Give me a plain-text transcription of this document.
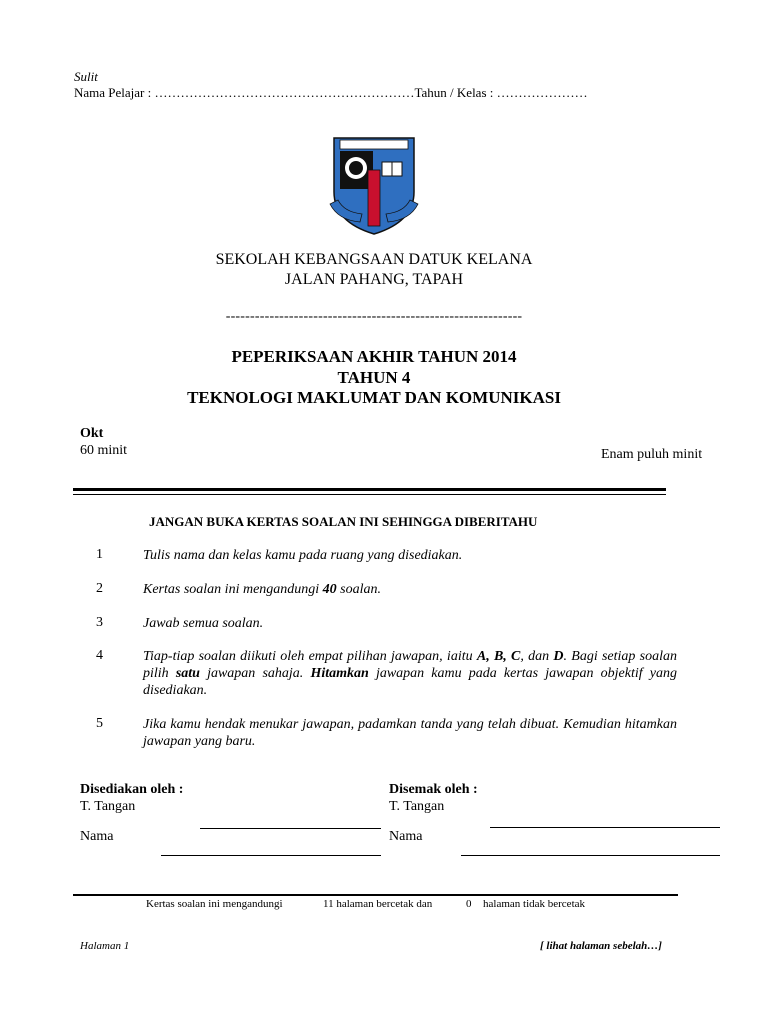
Sulit
Nama Pelajar : ……………………………………………………Tahun / Kelas : …………………
SEKOLAH KEBANGSAAN DATUK KELANA
JALAN PAHANG, TAPAH
-------------------------------------------------------------
PEPERIKSAAN AKHIR TAHUN 2014
TAHUN 4
TEKNOLOGI MAKLUMAT DAN KOMUNIKASI
Okt
60 minit	Enam puluh minit
JANGAN BUKA KERTAS SOALAN INI SEHINGGA DIBERITAHU
1	Tulis nama dan kelas kamu pada ruang yang disediakan.
2	Kertas soalan ini mengandungi 40 soalan.
3	Jawab semua soalan.
4	Tiap-tiap soalan diikuti oleh empat pilihan jawapan, iaitu A, B, C, dan D. Bagi setiap soalan pilih satu jawapan sahaja. Hitamkan jawapan kamu pada kertas jawapan objektif yang disediakan.
5	Jika kamu hendak menukar jawapan, padamkan tanda yang telah dibuat. Kemudian hitamkan jawapan yang baru.
Disediakan oleh :
T. Tangan
Nama
Disemak oleh :
T. Tangan
Nama
Kertas soalan ini mengandungi	11 halaman bercetak dan	0 halaman tidak bercetak
Halaman 1	[ lihat halaman sebelah…]
